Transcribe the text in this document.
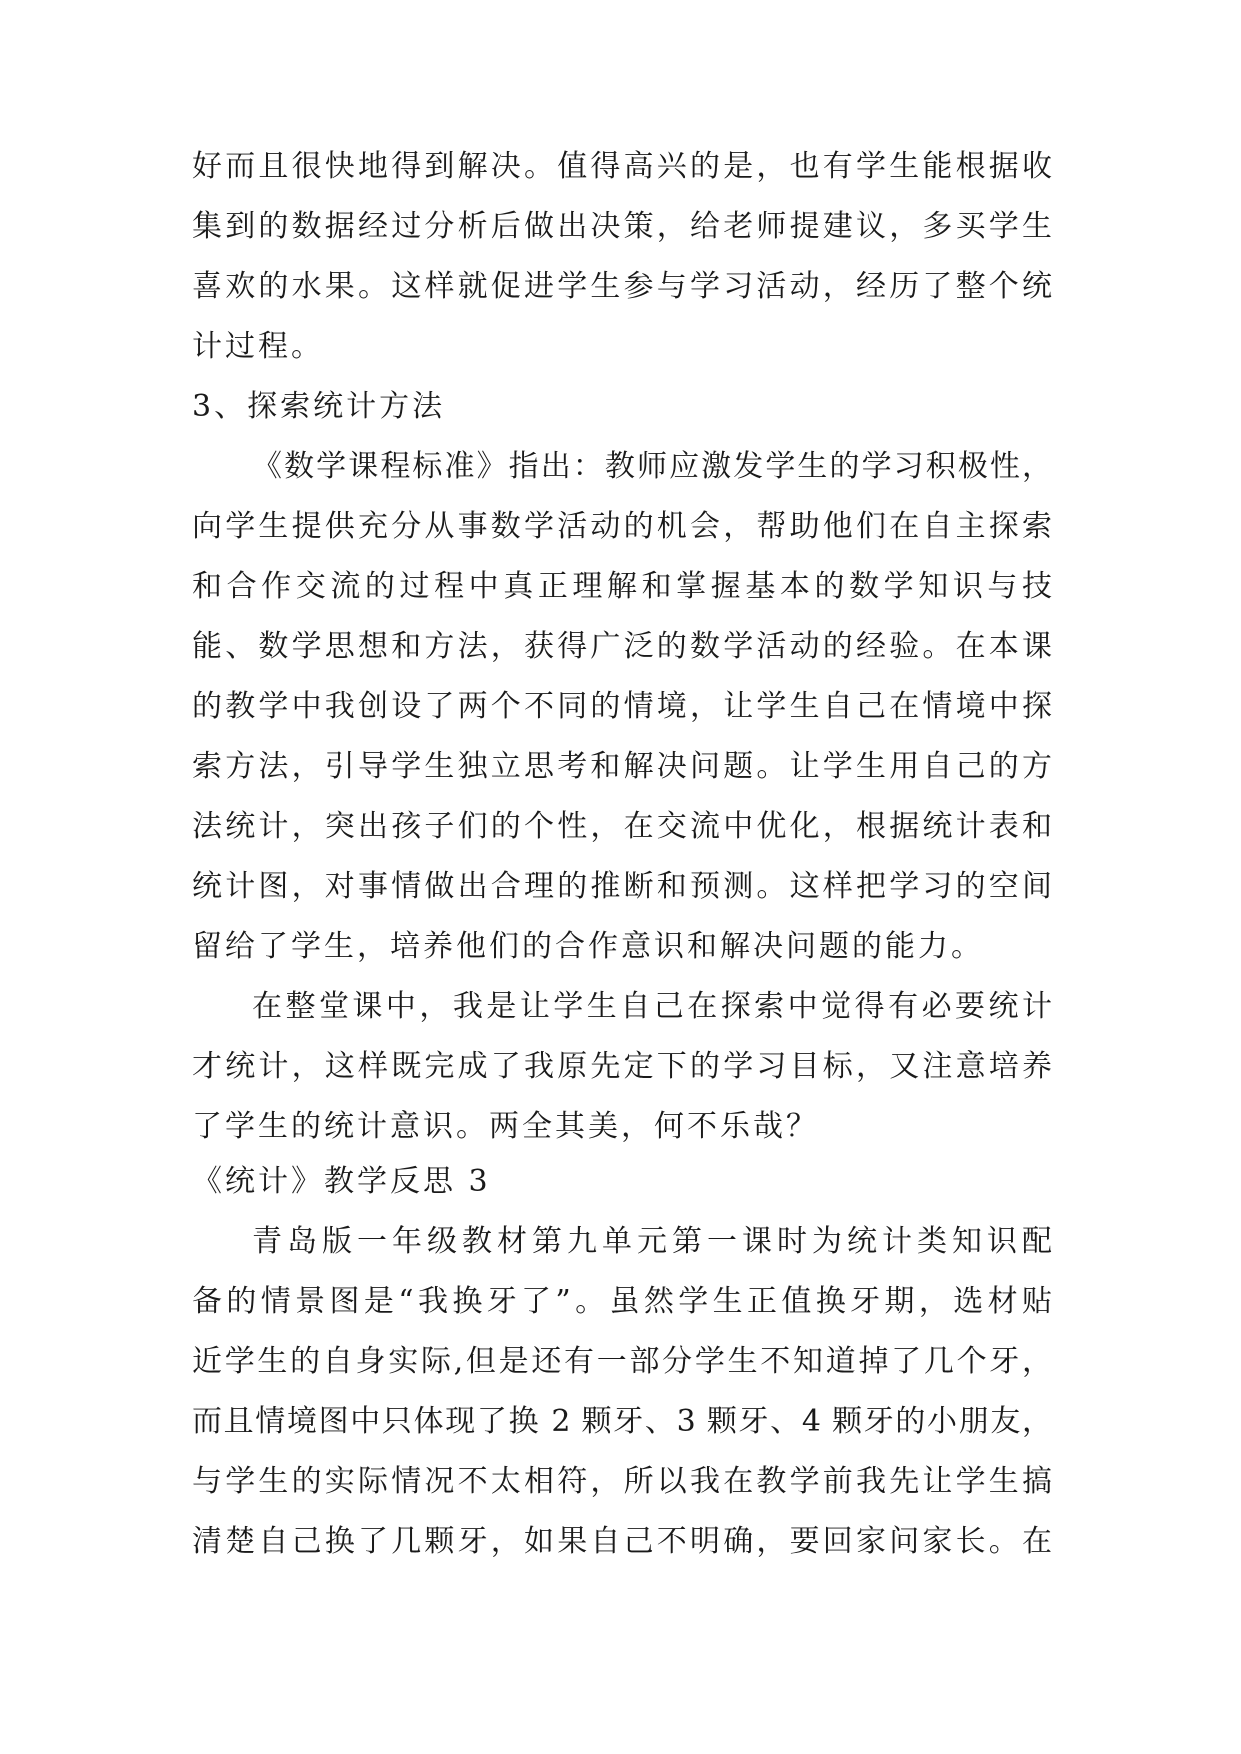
好而且很快地得到解决。值得高兴的是，也有学生能根据收
集到的数据经过分析后做出决策，给老师提建议，多买学生
喜欢的水果。这样就促进学生参与学习活动，经历了整个统
计过程。
3、探索统计方法
《数学课程标准》指出：教师应激发学生的学习积极性，
向学生提供充分从事数学活动的机会，帮助他们在自主探索
和合作交流的过程中真正理解和掌握基本的数学知识与技
能、数学思想和方法，获得广泛的数学活动的经验。在本课
的教学中我创设了两个不同的情境，让学生自己在情境中探
索方法，引导学生独立思考和解决问题。让学生用自己的方
法统计，突出孩子们的个性，在交流中优化，根据统计表和
统计图，对事情做出合理的推断和预测。这样把学习的空间
留给了学生，培养他们的合作意识和解决问题的能力。
在整堂课中，我是让学生自己在探索中觉得有必要统计
才统计，这样既完成了我原先定下的学习目标，又注意培养
了学生的统计意识。两全其美，何不乐哉？
《统计》教学反思 3
青岛版一年级教材第九单元第一课时为统计类知识配
备的情景图是“我换牙了”。虽然学生正值换牙期，选材贴
近学生的自身实际,但是还有一部分学生不知道掉了几个牙，
而且情境图中只体现了换 2 颗牙、3 颗牙、4 颗牙的小朋友，
与学生的实际情况不太相符，所以我在教学前我先让学生搞
清楚自己换了几颗牙，如果自己不明确，要回家问家长。在
